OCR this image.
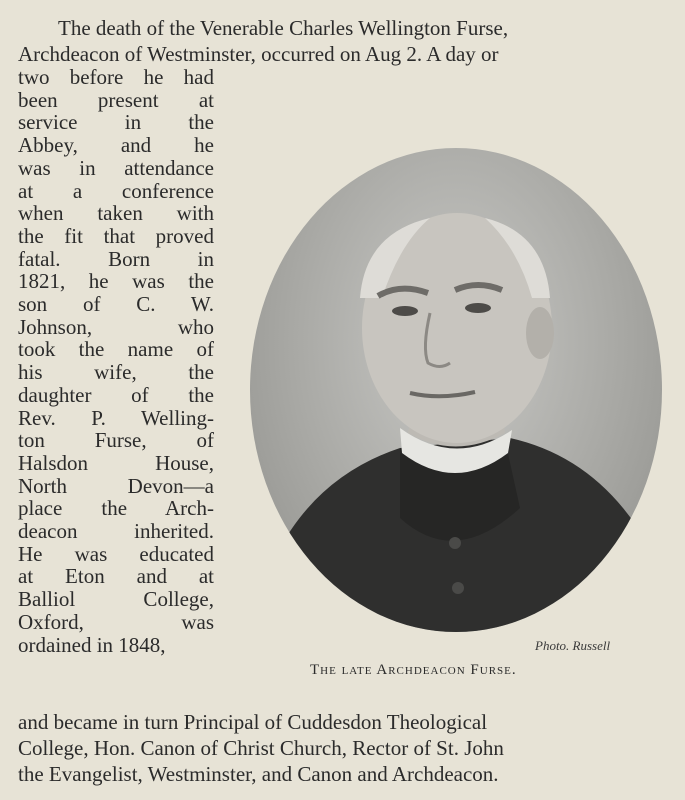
The death of the Venerable Charles Wellington Furse,
Archdeacon of Westminster, occurred on Aug 2. A day or
two before he had
been present at
service in the
Abbey, and he
was in attendance
at a conference
when taken with
the fit that proved
fatal. Born in
1821, he was the
son of C. W.
Johnson, who
took the name of
his wife, the
daughter of the
Rev. P. Welling-
ton Furse, of
Halsdon House,
North Devon—a
place the Arch-
deacon inherited.
He was educated
at Eton and at
Balliol College,
Oxford, was
ordained in 1848,	Photo. Russell
The late Archdeacon Furse.
and became in turn Principal of Cuddesdon Theological
College, Hon. Canon of Christ Church, Rector of St. John
the Evangelist, Westminster, and Canon and Archdeacon.
